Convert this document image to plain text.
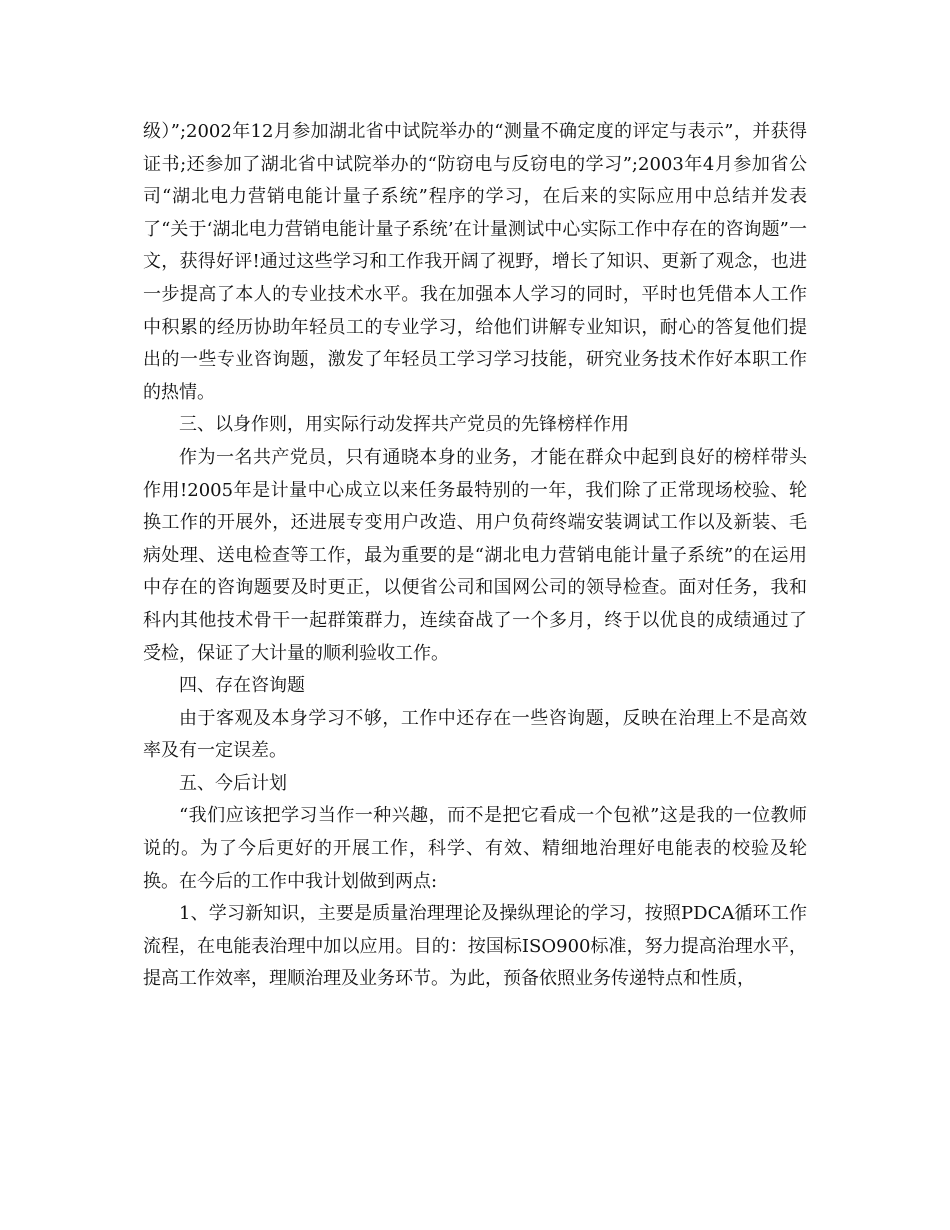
级）”;2002年12月参加湖北省中试院举办的“测量不确定度的评定与表示”，并获得证书;还参加了湖北省中试院举办的“防窃电与反窃电的学习”;2003年4月参加省公司“湖北电力营销电能计量子系统”程序的学习，在后来的实际应用中总结并发表了“关于‘湖北电力营销电能计量子系统’在计量测试中心实际工作中存在的咨询题”一文，获得好评!通过这些学习和工作我开阔了视野，增长了知识、更新了观念，也进一步提高了本人的专业技术水平。我在加强本人学习的同时，平时也凭借本人工作中积累的经历协助年轻员工的专业学习，给他们讲解专业知识，耐心的答复他们提出的一些专业咨询题，激发了年轻员工学习学习技能，研究业务技术作好本职工作的热情。

三、以身作则，用实际行动发挥共产党员的先锋榜样作用

作为一名共产党员，只有通晓本身的业务，才能在群众中起到良好的榜样带头作用!2005年是计量中心成立以来任务最特别的一年，我们除了正常现场校验、轮换工作的开展外，还进展专变用户改造、用户负荷终端安装调试工作以及新装、毛病处理、送电检查等工作，最为重要的是“湖北电力营销电能计量子系统”的在运用中存在的咨询题要及时更正，以便省公司和国网公司的领导检查。面对任务，我和科内其他技术骨干一起群策群力，连续奋战了一个多月，终于以优良的成绩通过了受检，保证了大计量的顺利验收工作。

四、存在咨询题

由于客观及本身学习不够，工作中还存在一些咨询题，反映在治理上不是高效率及有一定误差。

五、今后计划

“我们应该把学习当作一种兴趣，而不是把它看成一个包袱”这是我的一位教师说的。为了今后更好的开展工作，科学、有效、精细地治理好电能表的校验及轮换。在今后的工作中我计划做到两点:

1、学习新知识，主要是质量治理理论及操纵理论的学习，按照PDCA循环工作流程，在电能表治理中加以应用。目的：按国标ISO900标准，努力提高治理水平，提高工作效率，理顺治理及业务环节。为此，预备依照业务传递特点和性质，
